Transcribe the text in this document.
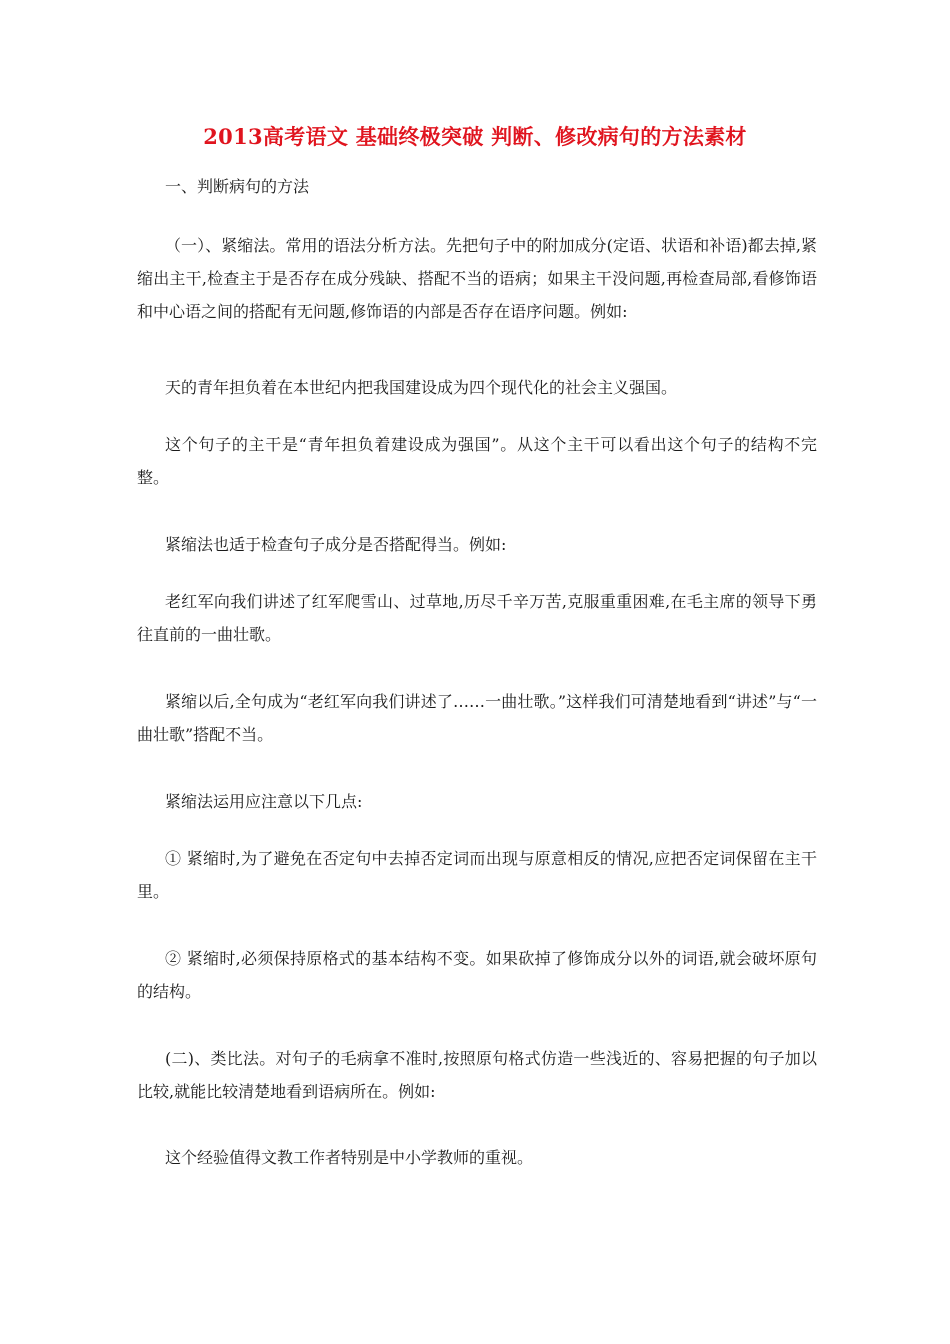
2013高考语文 基础终极突破 判断、修改病句的方法素材

一、判断病句的方法

（一）、紧缩法。常用的语法分析方法。先把句子中的附加成分(定语、状语和补语)都去掉,紧缩出主干,检查主于是否存在成分残缺、搭配不当的语病；如果主干没问题,再检查局部,看修饰语和中心语之间的搭配有无问题,修饰语的内部是否存在语序问题。例如:

天的青年担负着在本世纪内把我国建设成为四个现代化的社会主义强国。

这个句子的主干是“青年担负着建设成为强国”。从这个主干可以看出这个句子的结构不完整。

紧缩法也适于检查句子成分是否搭配得当。例如:

老红军向我们讲述了红军爬雪山、过草地,历尽千辛万苦,克服重重困难,在毛主席的领导下勇往直前的一曲壮歌。

紧缩以后,全句成为“老红军向我们讲述了……一曲壮歌。”这样我们可清楚地看到“讲述”与“一曲壮歌”搭配不当。

紧缩法运用应注意以下几点:

① 紧缩时,为了避免在否定句中去掉否定词而出现与原意相反的情况,应把否定词保留在主干里。

② 紧缩时,必须保持原格式的基本结构不变。如果砍掉了修饰成分以外的词语,就会破坏原句的结构。

(二)、类比法。对句子的毛病拿不准时,按照原句格式仿造一些浅近的、容易把握的句子加以比较,就能比较清楚地看到语病所在。例如:

这个经验值得文教工作者特别是中小学教师的重视。
